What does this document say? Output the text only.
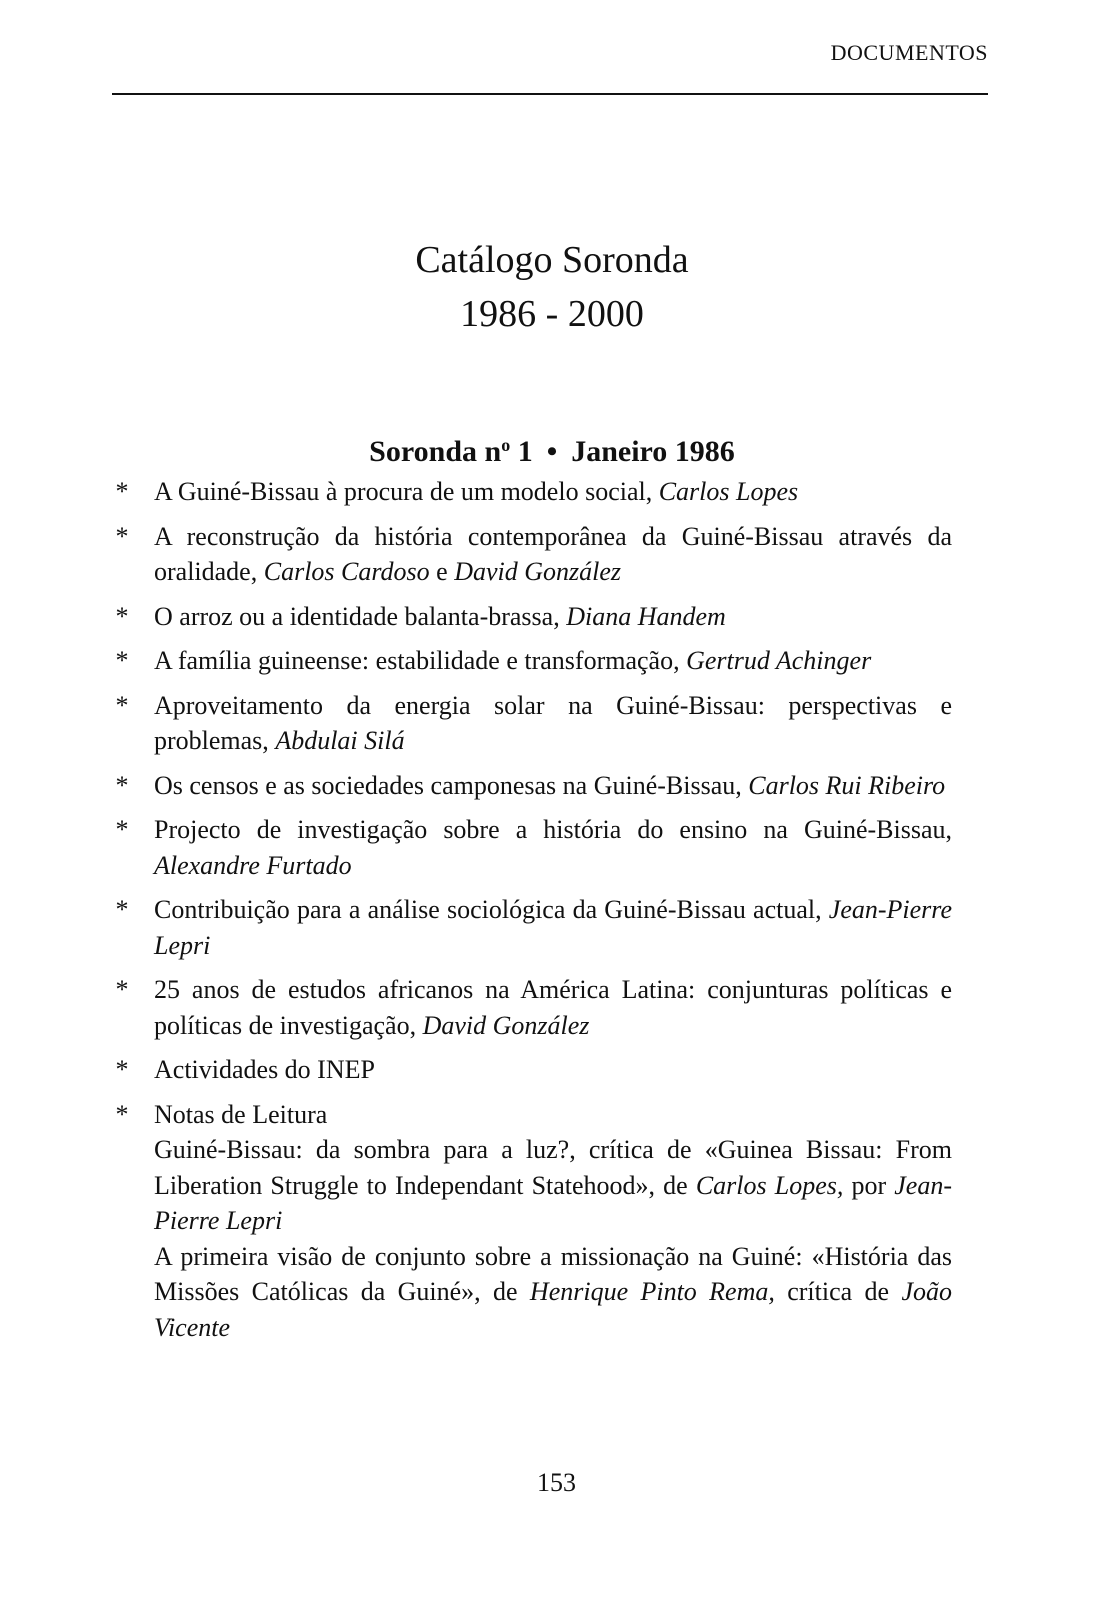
DOCUMENTOS
Catálogo Soronda
1986 - 2000
Soronda $n^o$ 1 • Janeiro 1986
* A Guiné-Bissau à procura de um modelo social, Carlos Lopes
* A reconstrução da história contemporânea da Guiné-Bissau através da oralidade, Carlos Cardoso e David González
* O arroz ou a identidade balanta-brassa, Diana Handem
* A família guineense: estabilidade e transformação, Gertrud Achinger
* Aproveitamento da energia solar na Guiné-Bissau: perspectivas e problemas, Abdulai Silá
* Os censos e as sociedades camponesas na Guiné-Bissau, Carlos Rui Ribeiro
* Projecto de investigação sobre a história do ensino na Guiné-Bissau, Alexandre Furtado
* Contribuição para a análise sociológica da Guiné-Bissau actual, Jean-Pierre Lepri
* 25 anos de estudos africanos na América Latina: conjunturas políticas e políticas de investigação, David González
* Actividades do INEP
* Notas de Leitura
Guiné-Bissau: da sombra para a luz?, crítica de «Guinea Bissau: From Liberation Struggle to Independant Statehood», de Carlos Lopes, por Jean-Pierre Lepri
A primeira visão de conjunto sobre a missionação na Guiné: «História das Missões Católicas da Guiné», de Henrique Pinto Rema, crítica de João Vicente
153
